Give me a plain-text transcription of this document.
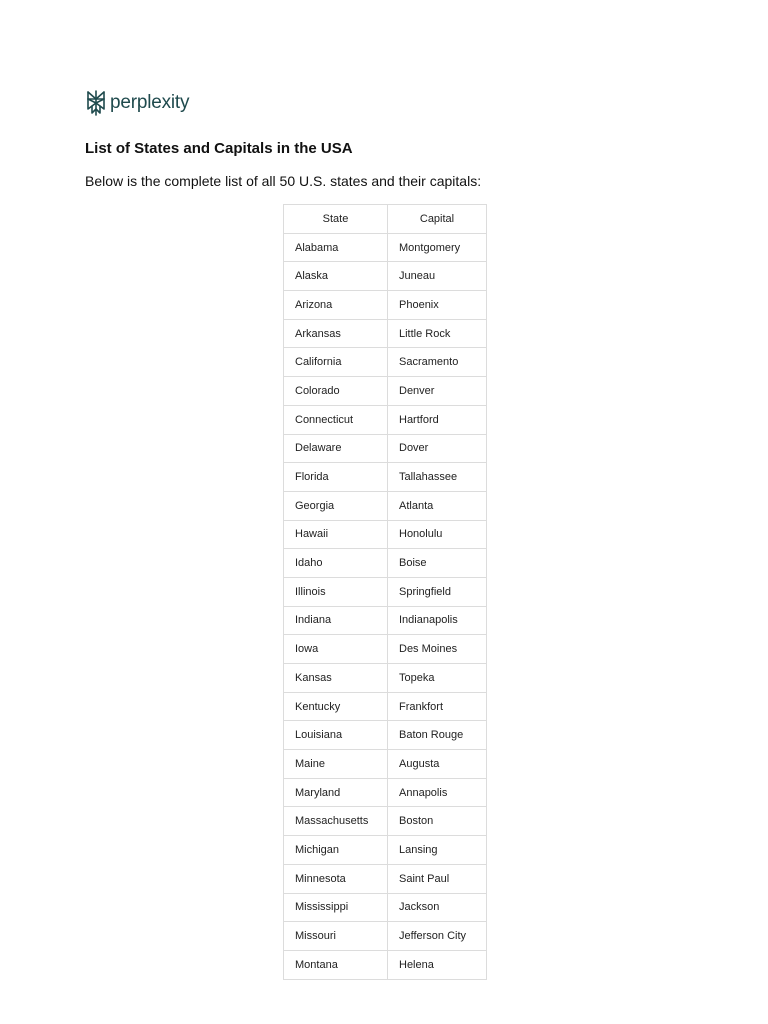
perplexity
List of States and Capitals in the USA

Below is the complete list of all 50 U.S. states and their capitals:

State	Capital
Alabama	Montgomery
Alaska	Juneau
Arizona	Phoenix
Arkansas	Little Rock
California	Sacramento
Colorado	Denver
Connecticut	Hartford
Delaware	Dover
Florida	Tallahassee
Georgia	Atlanta
Hawaii	Honolulu
Idaho	Boise
Illinois	Springfield
Indiana	Indianapolis
Iowa	Des Moines
Kansas	Topeka
Kentucky	Frankfort
Louisiana	Baton Rouge
Maine	Augusta
Maryland	Annapolis
Massachusetts	Boston
Michigan	Lansing
Minnesota	Saint Paul
Mississippi	Jackson
Missouri	Jefferson City
Montana	Helena
